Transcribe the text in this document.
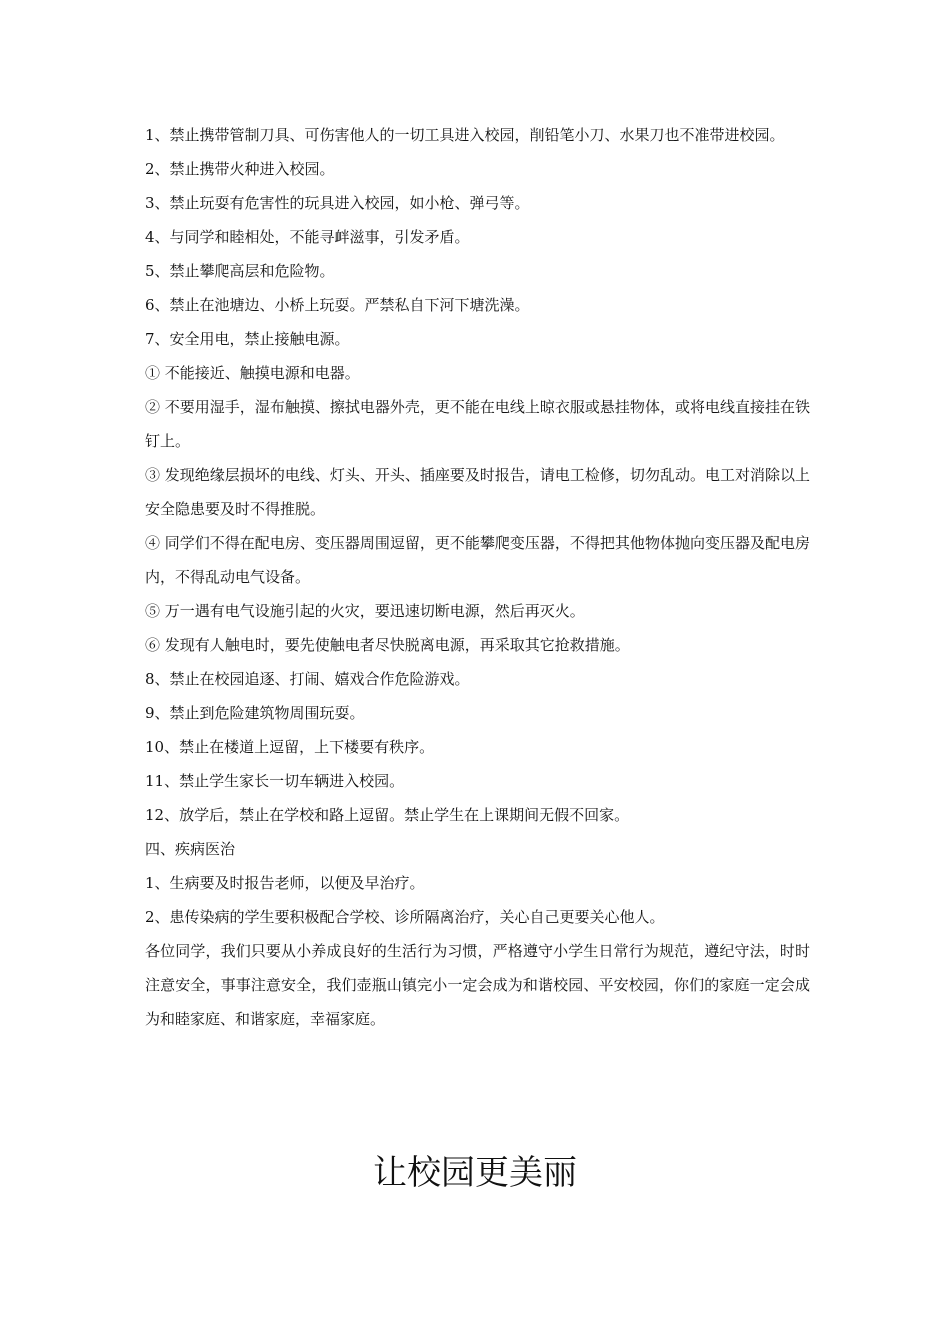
1、禁止携带管制刀具、可伤害他人的一切工具进入校园，削铅笔小刀、水果刀也不准带进校园。
2、禁止携带火种进入校园。
3、禁止玩耍有危害性的玩具进入校园，如小枪、弹弓等。
4、与同学和睦相处，不能寻衅滋事，引发矛盾。
5、禁止攀爬高层和危险物。
6、禁止在池塘边、小桥上玩耍。严禁私自下河下塘洗澡。
7、安全用电，禁止接触电源。
① 不能接近、触摸电源和电器。
② 不要用湿手，湿布触摸、擦拭电器外壳，更不能在电线上晾衣服或悬挂物体，或将电线直接挂在铁钉上。
③ 发现绝缘层损坏的电线、灯头、开头、插座要及时报告，请电工检修，切勿乱动。电工对消除以上安全隐患要及时不得推脱。
④ 同学们不得在配电房、变压器周围逗留，更不能攀爬变压器，不得把其他物体抛向变压器及配电房内，不得乱动电气设备。
⑤ 万一遇有电气设施引起的火灾，要迅速切断电源，然后再灭火。
⑥ 发现有人触电时，要先使触电者尽快脱离电源，再采取其它抢救措施。
8、禁止在校园追逐、打闹、嬉戏合作危险游戏。
9、禁止到危险建筑物周围玩耍。
10、禁止在楼道上逗留，上下楼要有秩序。
11、禁止学生家长一切车辆进入校园。
12、放学后，禁止在学校和路上逗留。禁止学生在上课期间无假不回家。
四、疾病医治
1、生病要及时报告老师，以便及早治疗。
2、患传染病的学生要积极配合学校、诊所隔离治疗，关心自己更要关心他人。
各位同学，我们只要从小养成良好的生活行为习惯，严格遵守小学生日常行为规范，遵纪守法，时时注意安全，事事注意安全，我们壶瓶山镇完小一定会成为和谐校园、平安校园，你们的家庭一定会成为和睦家庭、和谐家庭，幸福家庭。
让校园更美丽
